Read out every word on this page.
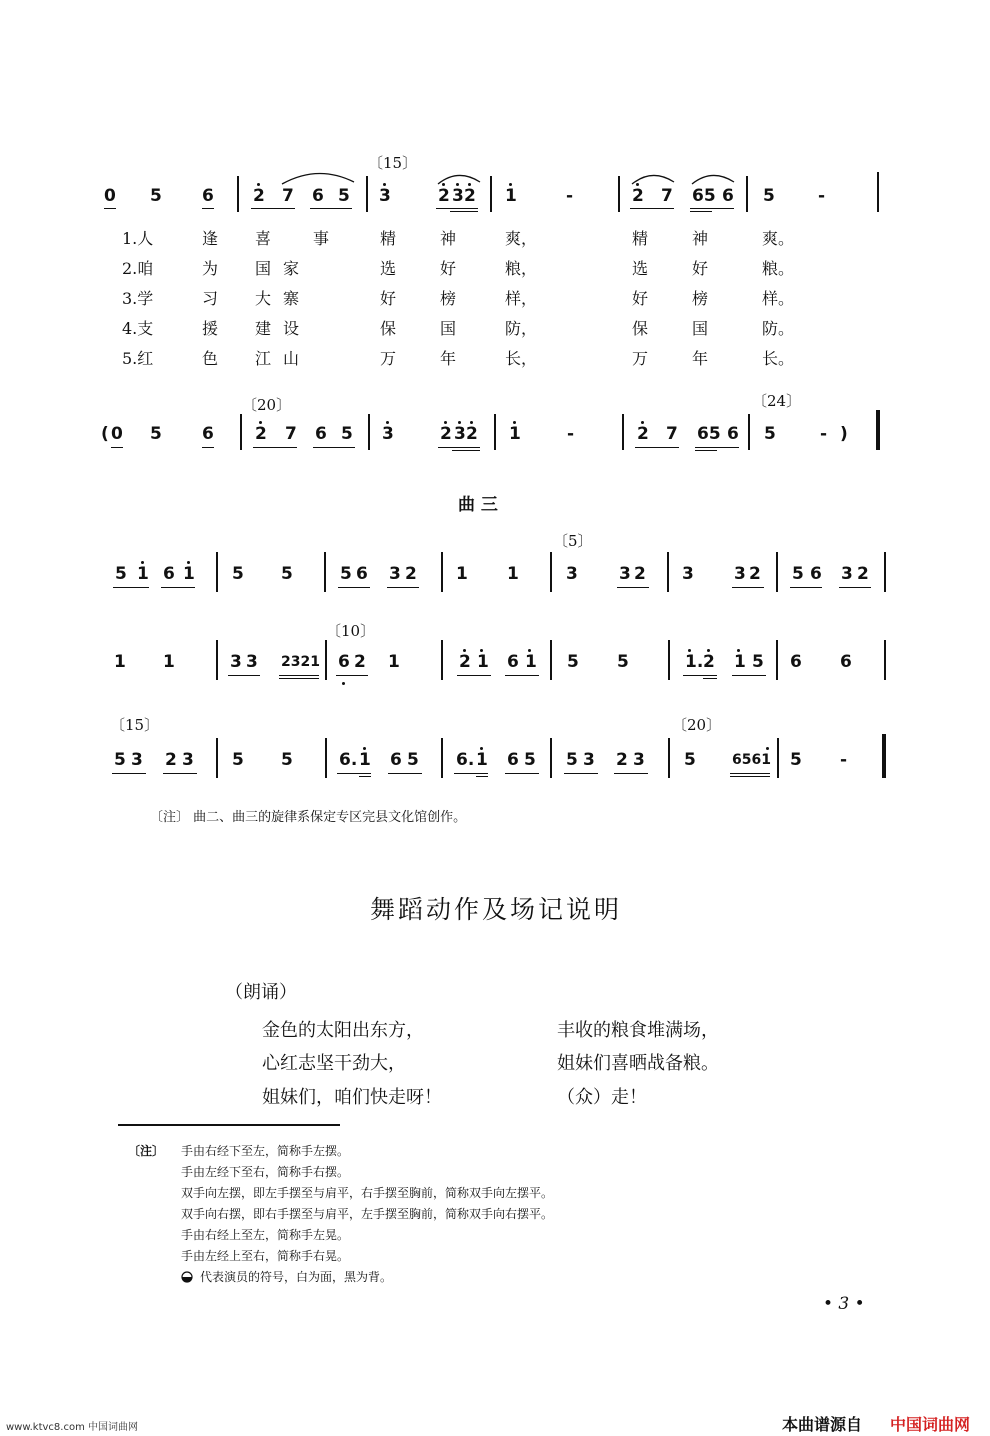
〔15〕
0 5 6 2 7 6 5 3	2 3 2 1	-	2 7 65 6 5	-
1.人	逢 喜	事	精	神	爽，	精	神	爽。
2.咱	为 国 家	选	好	粮，	选	好	粮。
3.学	习 大 寨	好	榜	样，	好	榜	样。
4.支	援 建 设	保	国	防，	保	国	防。
5.红	色 江 山	万	年	长，	万	年	长。
〔20〕	〔24〕
( 0 5 6 2 7 6 5 3	2 3 2 1	-	2 7 65 6 5	- )
曲 三
〔5〕
5 1 6 1 5 5	5 6 3 2 1 1	3 3 2 3 3 2 5 6 3 2
〔10〕
1 1	3 3 2321 6 2 1	2 1 6 1 5 5	1. 2 1 5 6 6
〔15〕	〔20〕
5 3 2 3 5 5	6. 1 6 5 6. 1 6 5 5 3 2 3 5	6561 5 -
〔注〕 曲二、曲三的旋律系保定专区完县文化馆创作。
舞蹈动作及场记说明
（朗诵）
金色的太阳出东方，	丰收的粮食堆满场，
心红志坚干劲大，	姐妹们喜晒战备粮。
姐妹们，咱们快走呀！	（众）走！
〔注〕 手由右经下至左，简称手左摆。
手由左经下至右，简称手右摆。
双手向左摆，即左手摆至与肩平，右手摆至胸前，简称双手向左摆平。
双手向右摆，即右手摆至与肩平，左手摆至胸前，简称双手向右摆平。
手由右经上至左，简称手左晃。
手由左经上至右，简称手右晃。
代表演员的符号，白为面，黑为背。
• 3 •
www.ktvc8.com 中国词曲网	本曲谱源自 中国词曲网
